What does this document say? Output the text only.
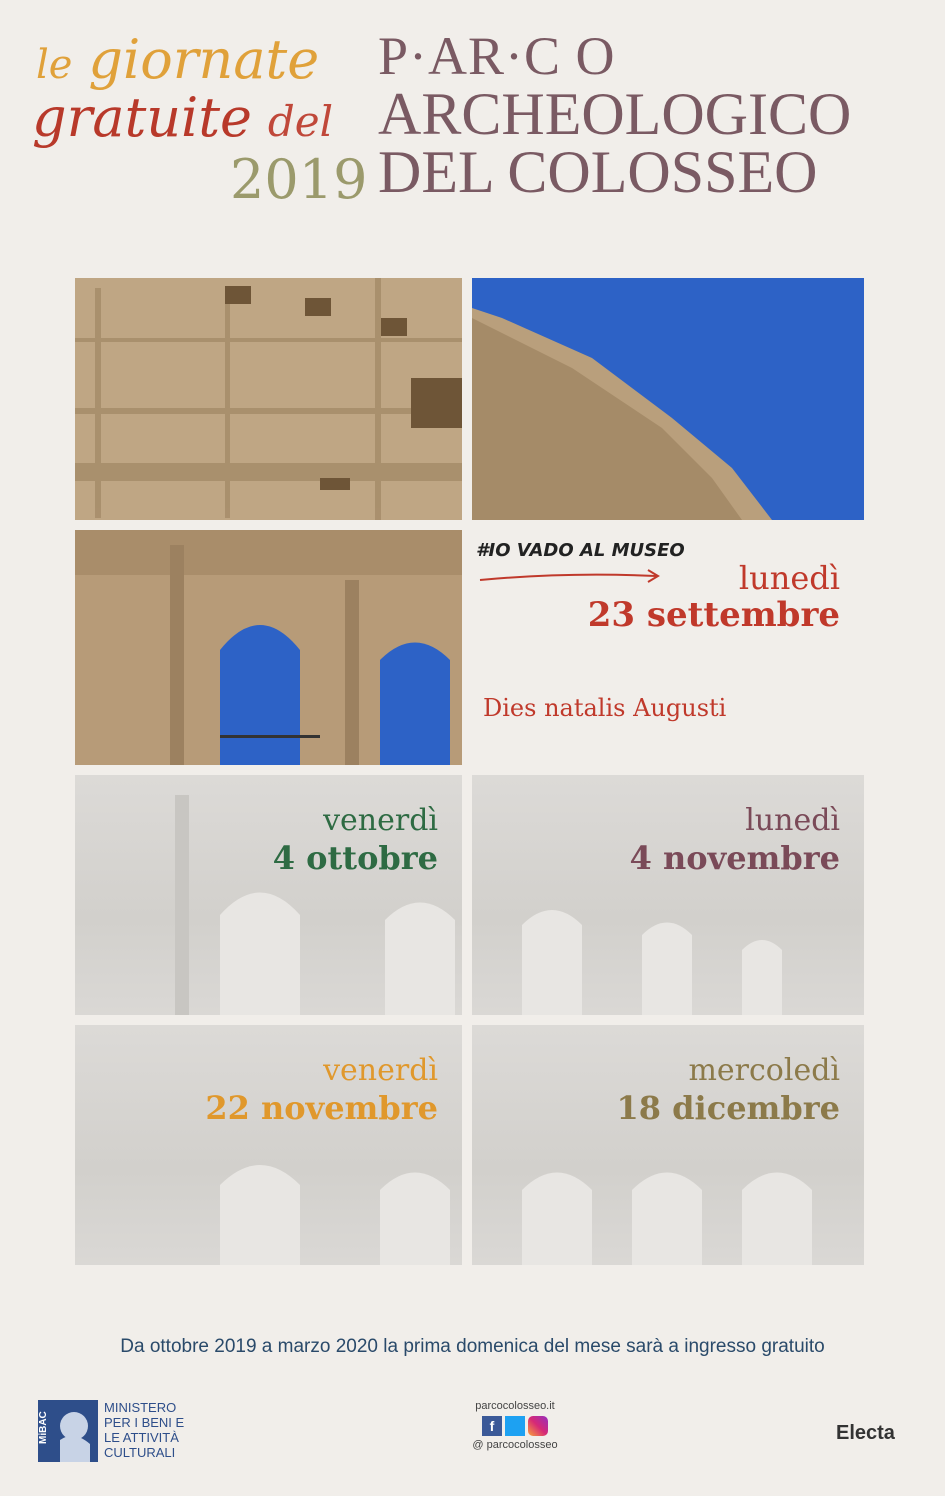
le giornate
gratuite del
2019
P·AR·C O
ARCHEOLOGICO
DEL COLOSSEO
#IO VADO AL MUSEO
lunedì
23 settembre
Dies natalis Augusti
venerdì
4 ottobre
lunedì
4 novembre
venerdì
22 novembre
mercoledì
18 dicembre
Da ottobre 2019 a marzo 2020 la prima domenica del mese sarà a ingresso gratuito
MiBAC
MINISTERO
PER I BENI E
LE ATTIVITÀ
CULTURALI
parcocolosseo.it
f
@ parcocolosseo
Electa
